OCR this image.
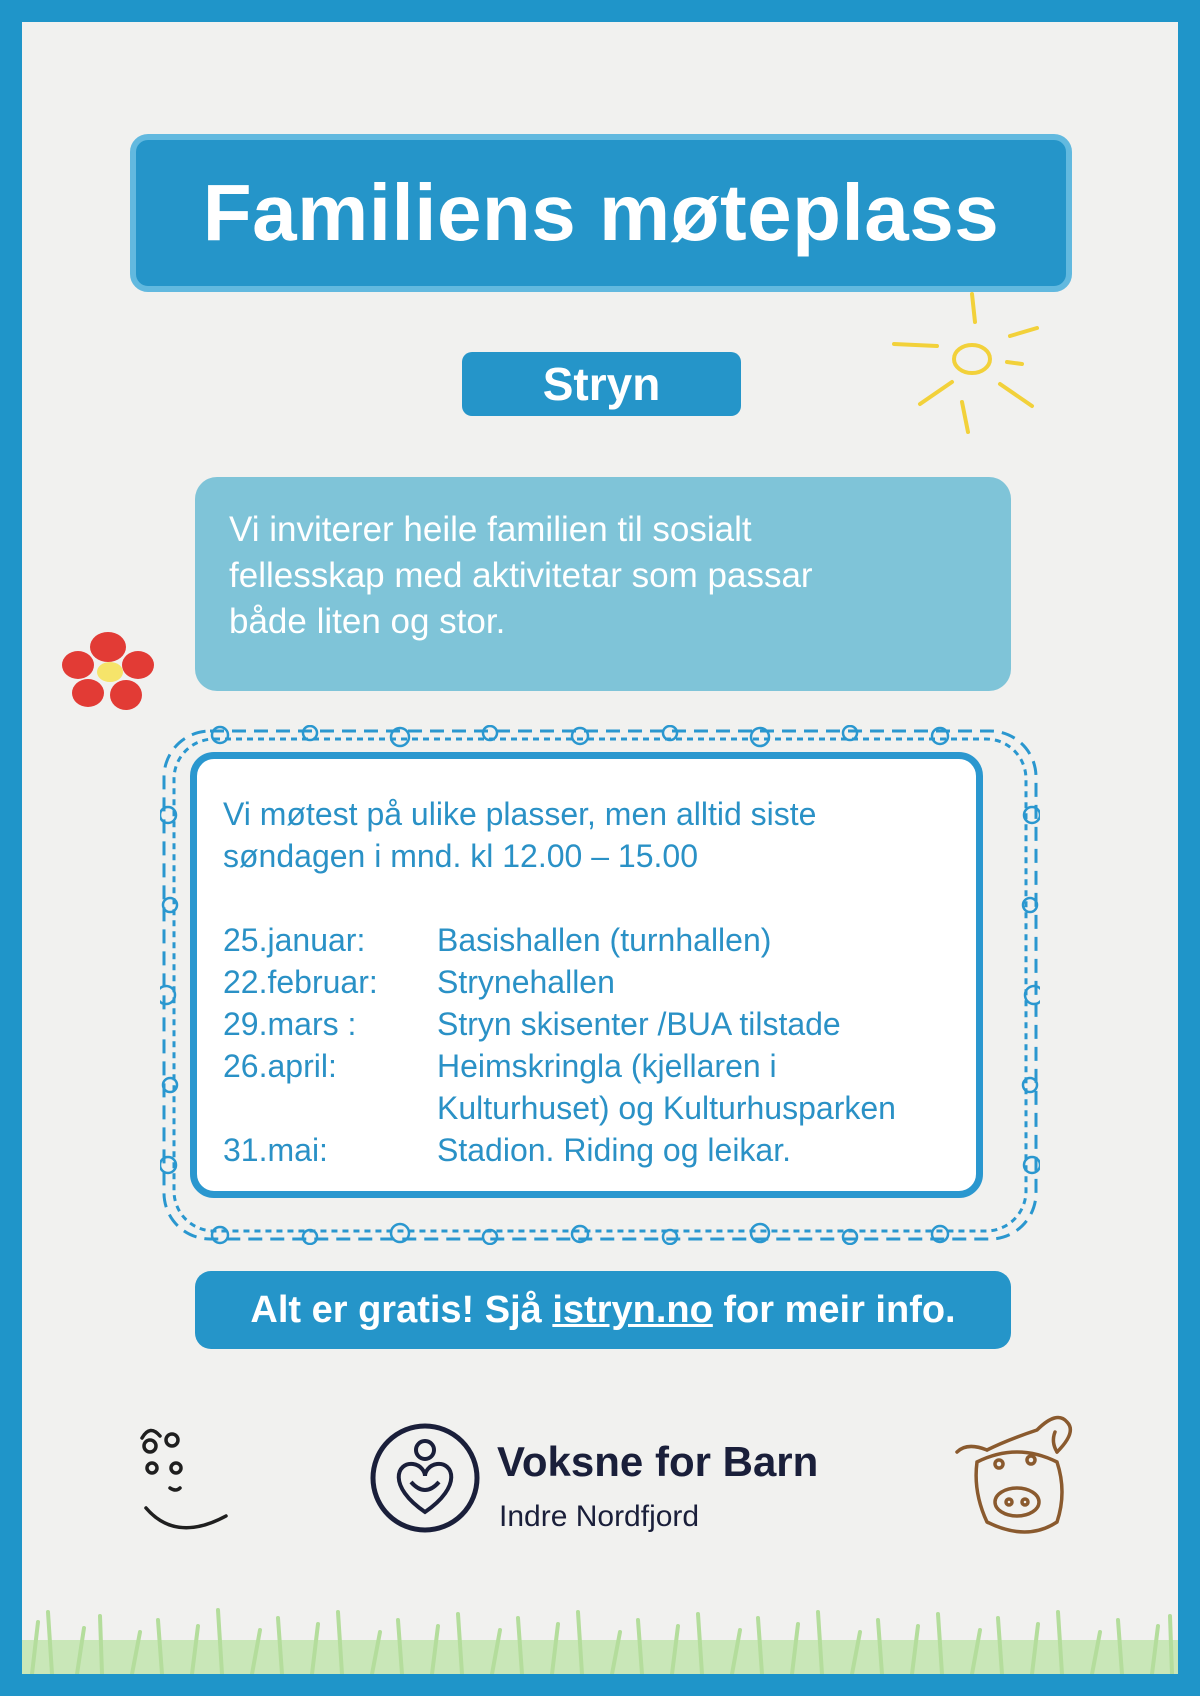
Familiens møteplass
Stryn

Vi inviterer heile familien til sosialt
fellesskap med aktivitetar som passar
både liten og stor.

Vi møtest på ulike plasser, men alltid siste
søndagen i mnd. kl 12.00 – 15.00

25.januar:	Basishallen (turnhallen)
22.februar:	Strynehallen
29.mars :	Stryn skisenter /BUA tilstade
26.april:	Heimskringla (kjellaren i
Kulturhuset) og Kulturhusparken
31.mai:	Stadion. Riding og leikar.
Alt er gratis! Sjå istryn.no for meir info.
Voksne for Barn
Indre Nordfjord
